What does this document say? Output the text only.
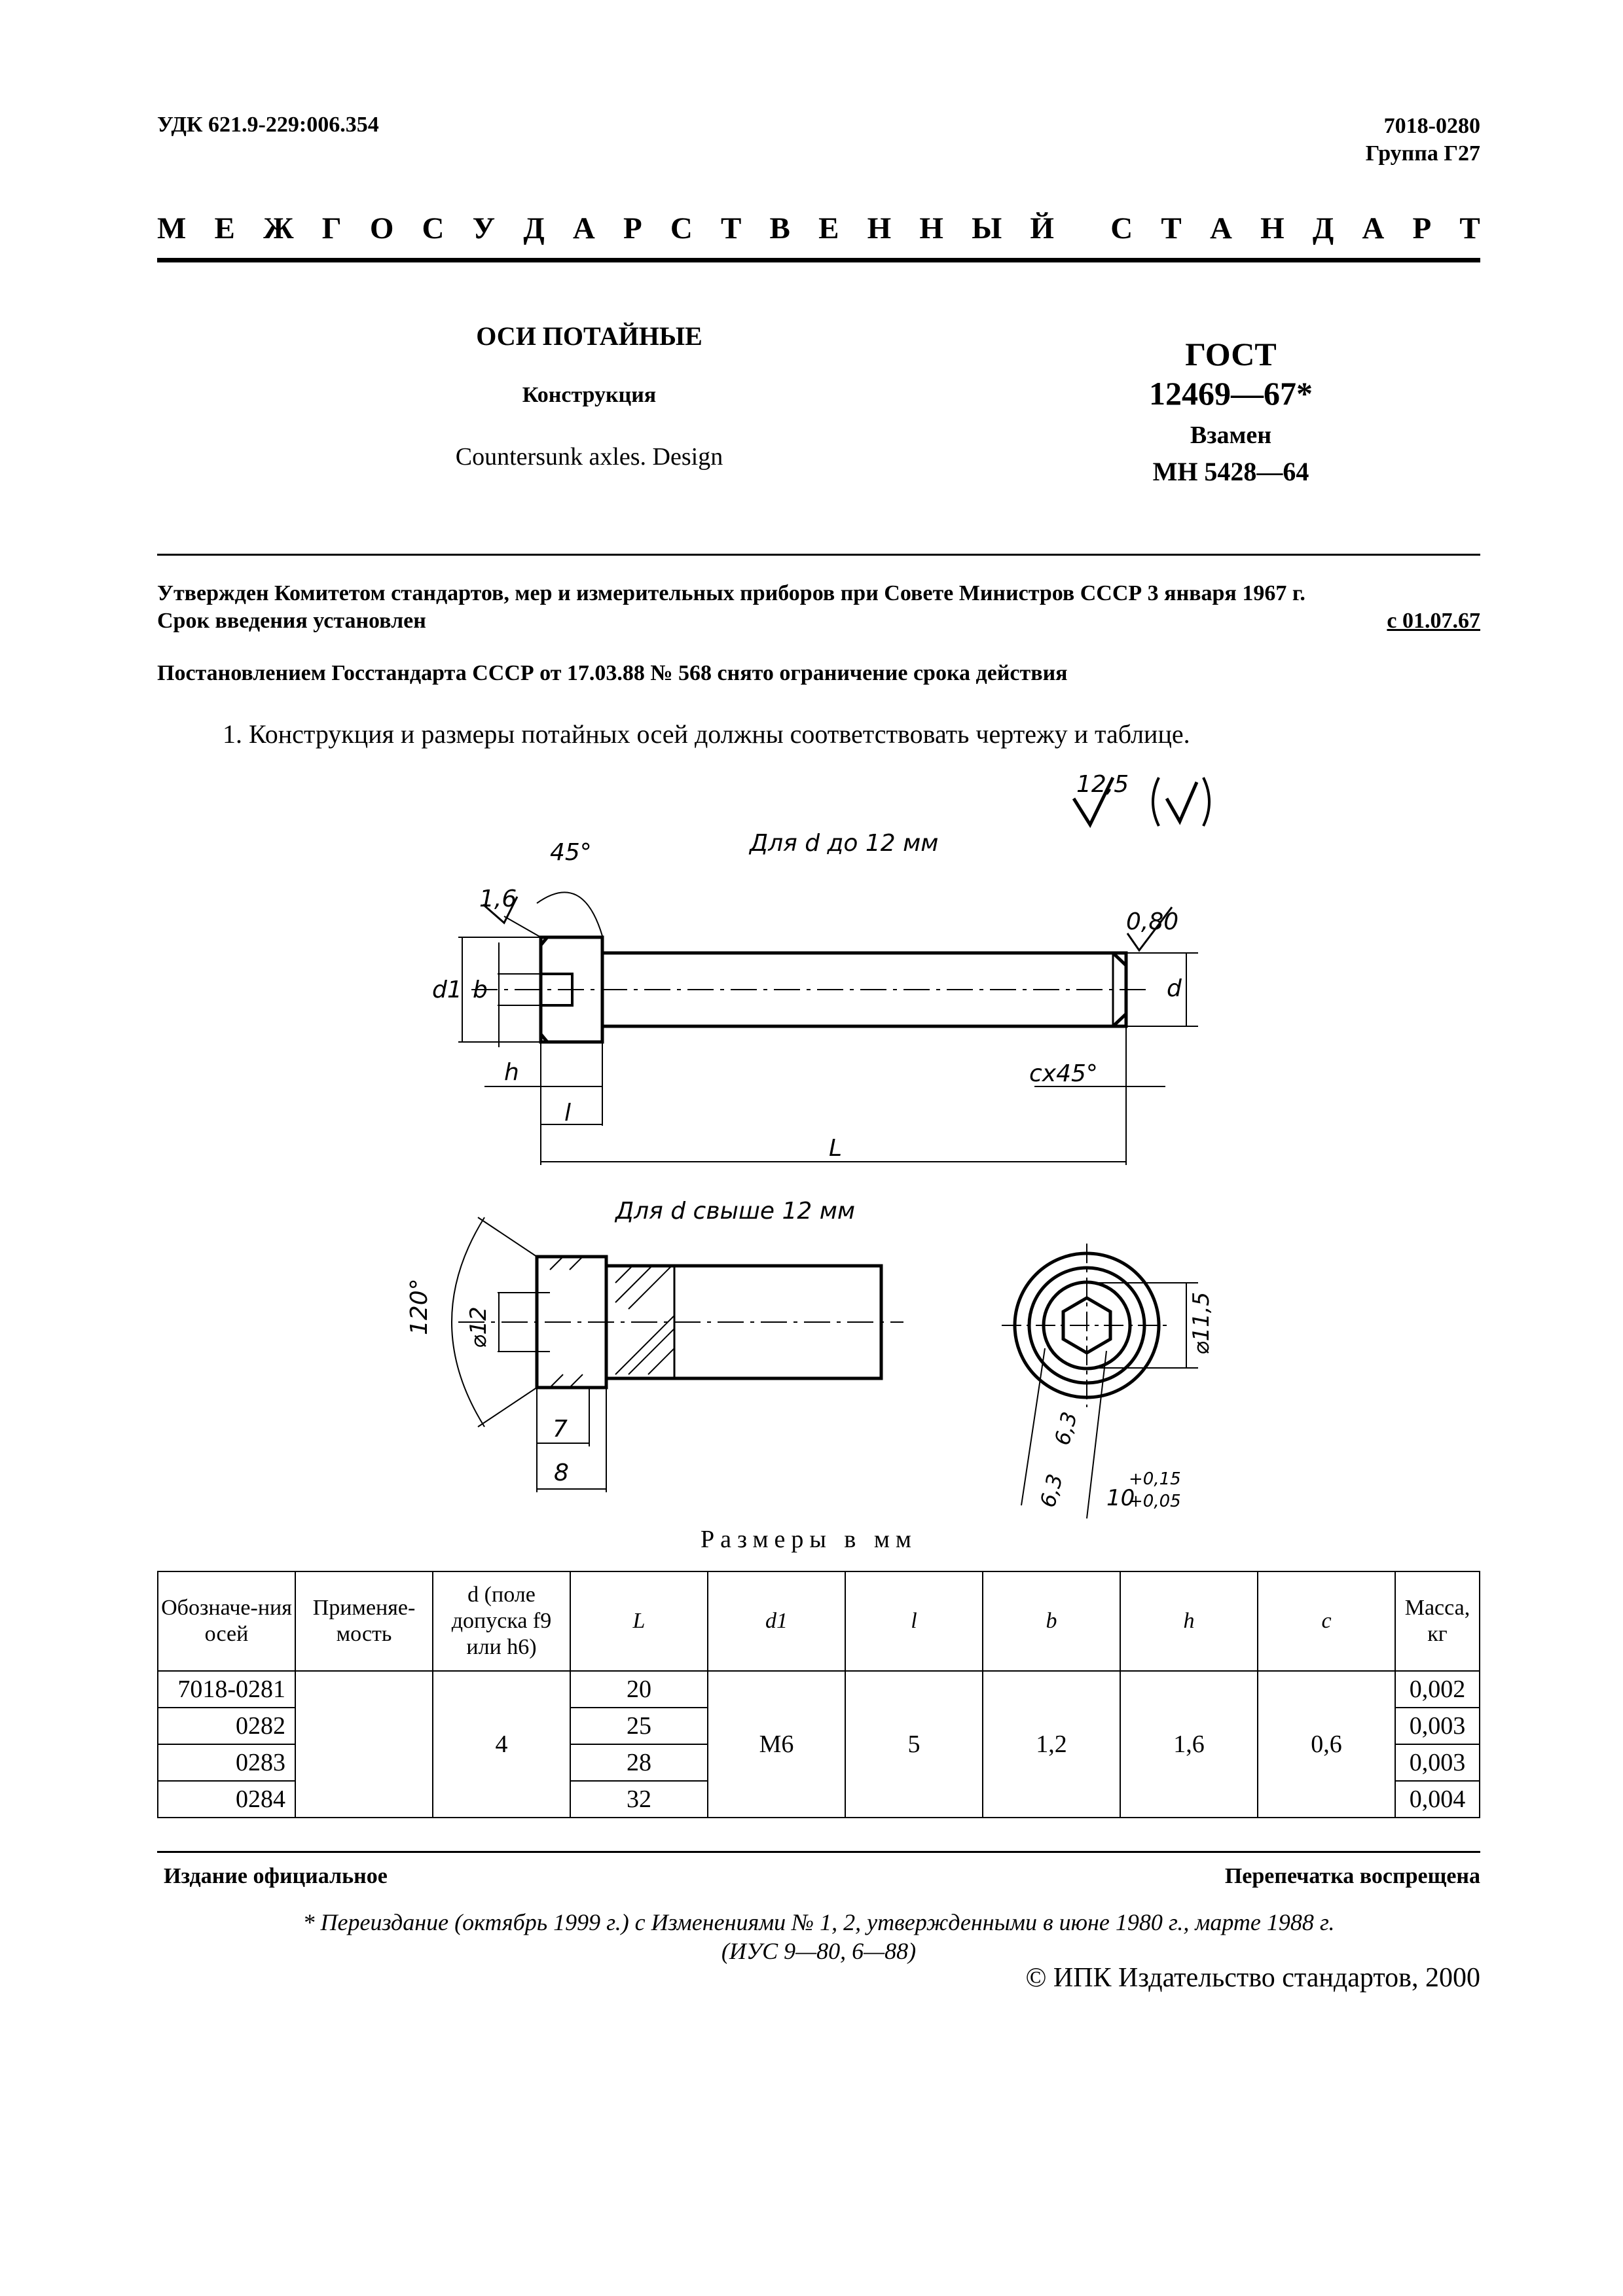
УДК 621.9-229:006.354	7018-0280
Группа Г27
М Е Ж Г О С У Д А Р С Т В Е Н Н Ы Й С Т А Н Д А Р Т
ОСИ ПОТАЙНЫЕ
Конструкция
Countersunk axles. Design
ГОСТ
12469—67*
Взамен
МН 5428—64
Утвержден Комитетом стандартов, мер и измерительных приборов при Совете Министров СССР 3 января 1967 г.
Срок введения установлен	с 01.07.67
Постановлением Госстандарта СССР от 17.03.88 № 568 снято ограничение срока действия
1. Конструкция и размеры потайных осей должны соответствовать чертежу и таблице.
12,5
Для d до 12 мм
45°
1,6
0,80
d1 b	d
h
l
L
cx45°
Для d свыше 12 мм
120° ⌀12
7
8
⌀11,5
6,3
6,3 10
+0,15
+0,05
Размеры в мм
Обозначе-ния осей	Применяе-мость	d (поле допуска f9 или h6)	L	d1	l	b	h	c	Масса, кг
7018-0281		4	20	M6	5	1,2	1,6	0,6	0,002
0282			25						0,003
0283			28						0,003
0284			32						0,004
Издание официальное	Перепечатка воспрещена
* Переиздание (октябрь 1999 г.) с Изменениями № 1, 2, утвержденными в июне 1980 г., марте 1988 г.
(ИУС 9—80, 6—88)
© ИПК Издательство стандартов, 2000
